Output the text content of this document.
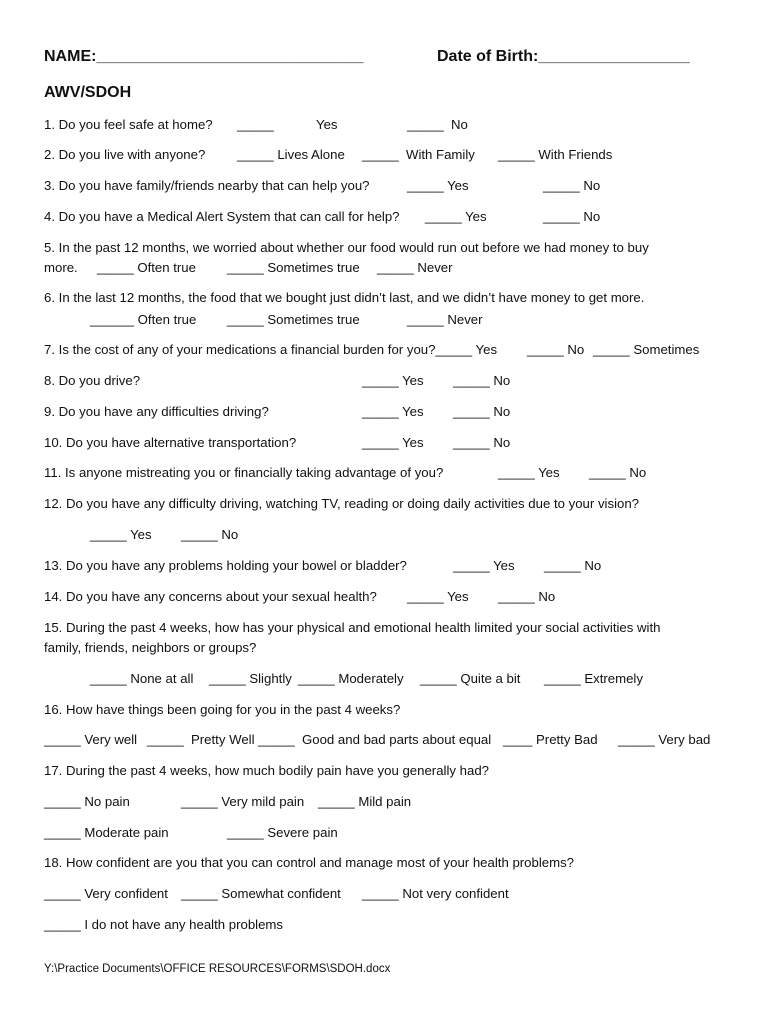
NAME:______________________________	Date of Birth:_________________
AWV/SDOH
1. Do you feel safe at home? _____	Yes	_____  No
2. Do you live with anyone? _____ Lives Alone _____  With Family _____ With Friends
3. Do you have family/friends nearby that can help you?	_____ Yes	_____ No
4. Do you have a Medical Alert System that can call for help? _____ Yes	_____ No
5. In the past 12 months, we worried about whether our food would run out before we had money to buy
more. _____ Often true _____ Sometimes true _____ Never
6. In the last 12 months, the food that we bought just didn’t last, and we didn’t have money to get more.
______ Often true _____ Sometimes true	_____ Never
7. Is the cost of any of your medications a financial burden for you?_____ Yes _____ No _____ Sometimes
8. Do you drive?	_____ Yes _____ No
9. Do you have any difficulties driving?	_____ Yes _____ No
10. Do you have alternative transportation?	_____ Yes _____ No
11. Is anyone mistreating you or financially taking advantage of you?	_____ Yes _____ No
12. Do you have any difficulty driving, watching TV, reading or doing daily activities due to your vision?
_____ Yes _____ No
13. Do you have any problems holding your bowel or bladder?	_____ Yes _____ No
14. Do you have any concerns about your sexual health? _____ Yes _____ No
15. During the past 4 weeks, how has your physical and emotional health limited your social activities with
family, friends, neighbors or groups?
_____ None at all _____ Slightly _____ Moderately _____ Quite a bit _____ Extremely
16. How have things been going for you in the past 4 weeks?
_____ Very well _____  Pretty Well _____  Good and bad parts about equal ____ Pretty Bad _____ Very bad
17. During the past 4 weeks, how much bodily pain have you generally had?
_____ No pain	_____ Very mild pain _____ Mild pain
_____ Moderate pain	_____ Severe pain
18. How confident are you that you can control and manage most of your health problems?
_____ Very confident _____ Somewhat confident _____ Not very confident
_____ I do not have any health problems
Y:\Practice Documents\OFFICE RESOURCES\FORMS\SDOH.docx
